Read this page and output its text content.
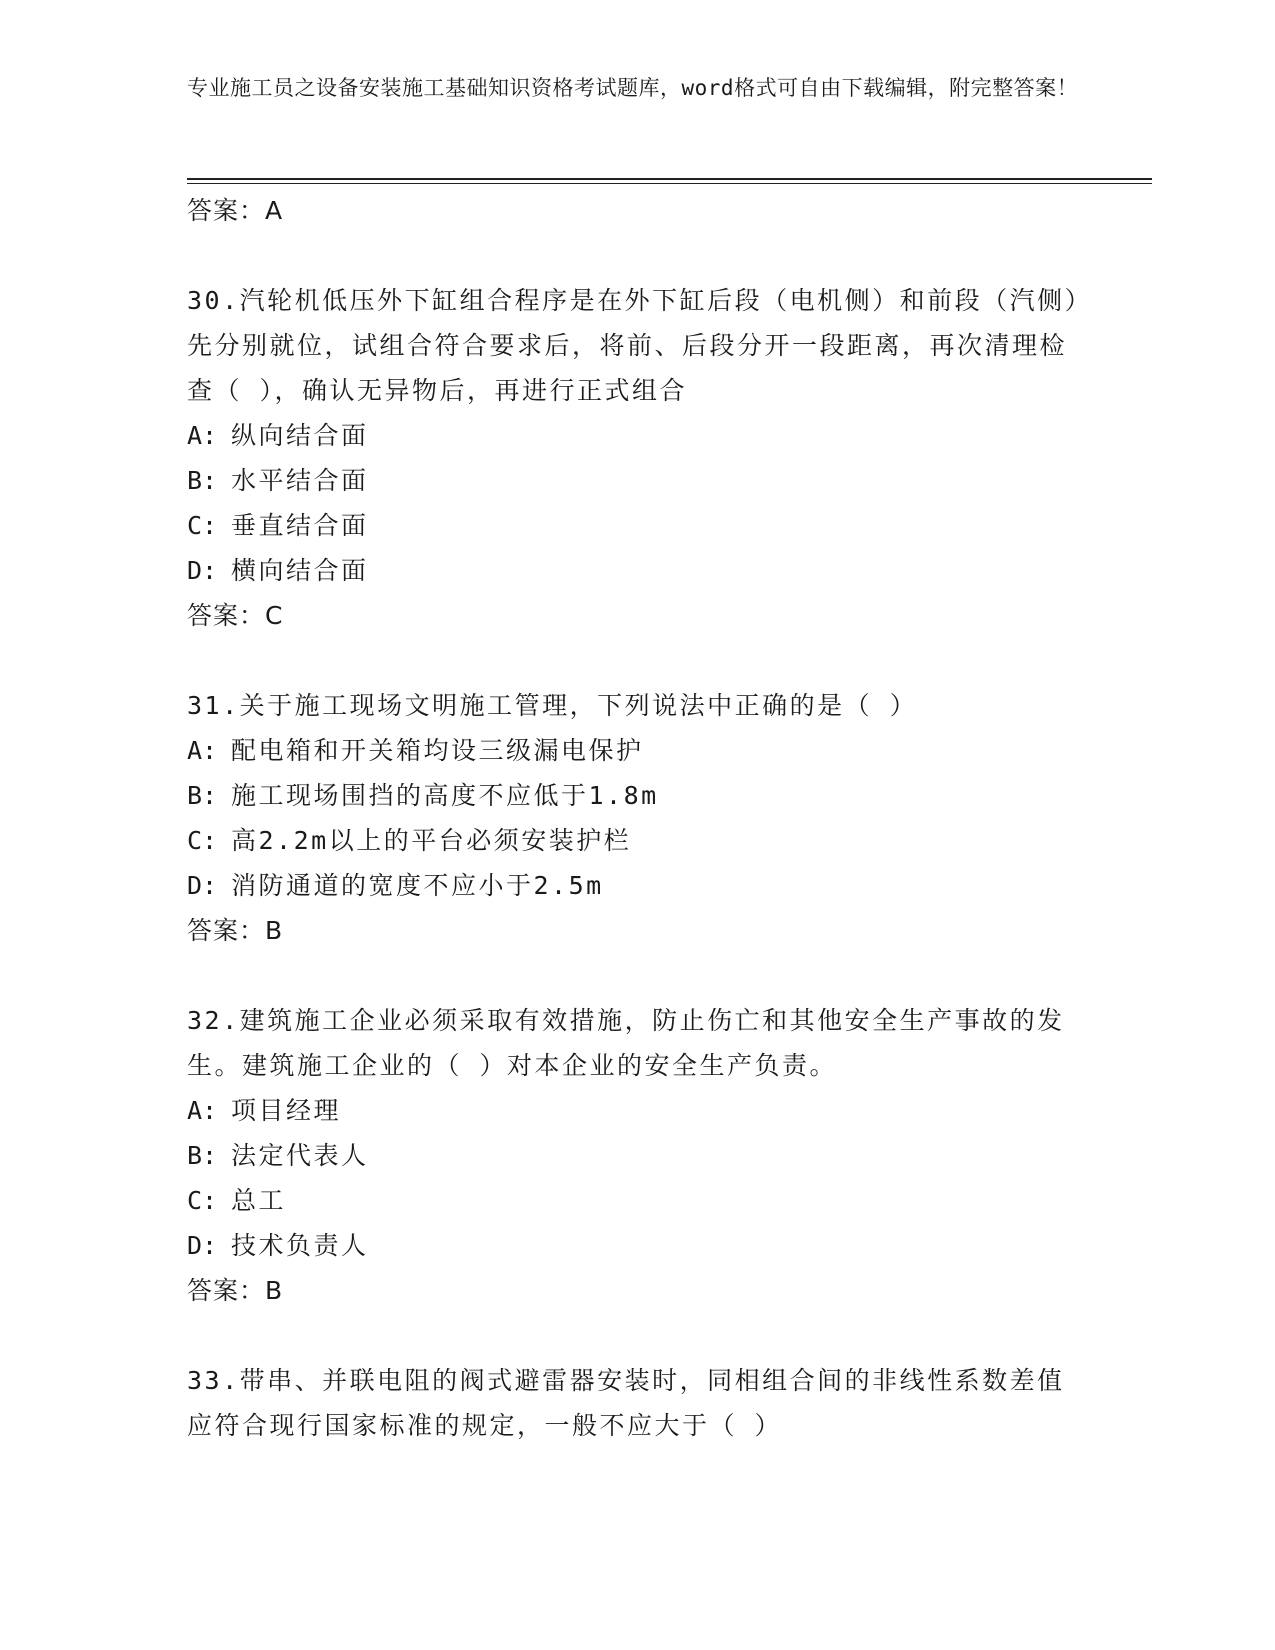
专业施工员之设备安装施工基础知识资格考试题库，word格式可自由下载编辑，附完整答案！

答案：A

30.汽轮机低压外下缸组合程序是在外下缸后段（电机侧）和前段（汽侧）先分别就位，试组合符合要求后，将前、后段分开一段距离，再次清理检查（ ），确认无异物后，再进行正式组合

A: 纵向结合面

B: 水平结合面

C: 垂直结合面

D: 横向结合面

答案：C

31.关于施工现场文明施工管理，下列说法中正确的是（ ）

A: 配电箱和开关箱均设三级漏电保护

B: 施工现场围挡的高度不应低于1.8m

C: 高2.2m以上的平台必须安装护栏

D: 消防通道的宽度不应小于2.5m

答案：B

32.建筑施工企业必须采取有效措施，防止伤亡和其他安全生产事故的发生。建筑施工企业的（ ）对本企业的安全生产负责。

A: 项目经理

B: 法定代表人

C: 总工

D: 技术负责人

答案：B

33.带串、并联电阻的阀式避雷器安装时，同相组合间的非线性系数差值应符合现行国家标准的规定，一般不应大于（ ）
